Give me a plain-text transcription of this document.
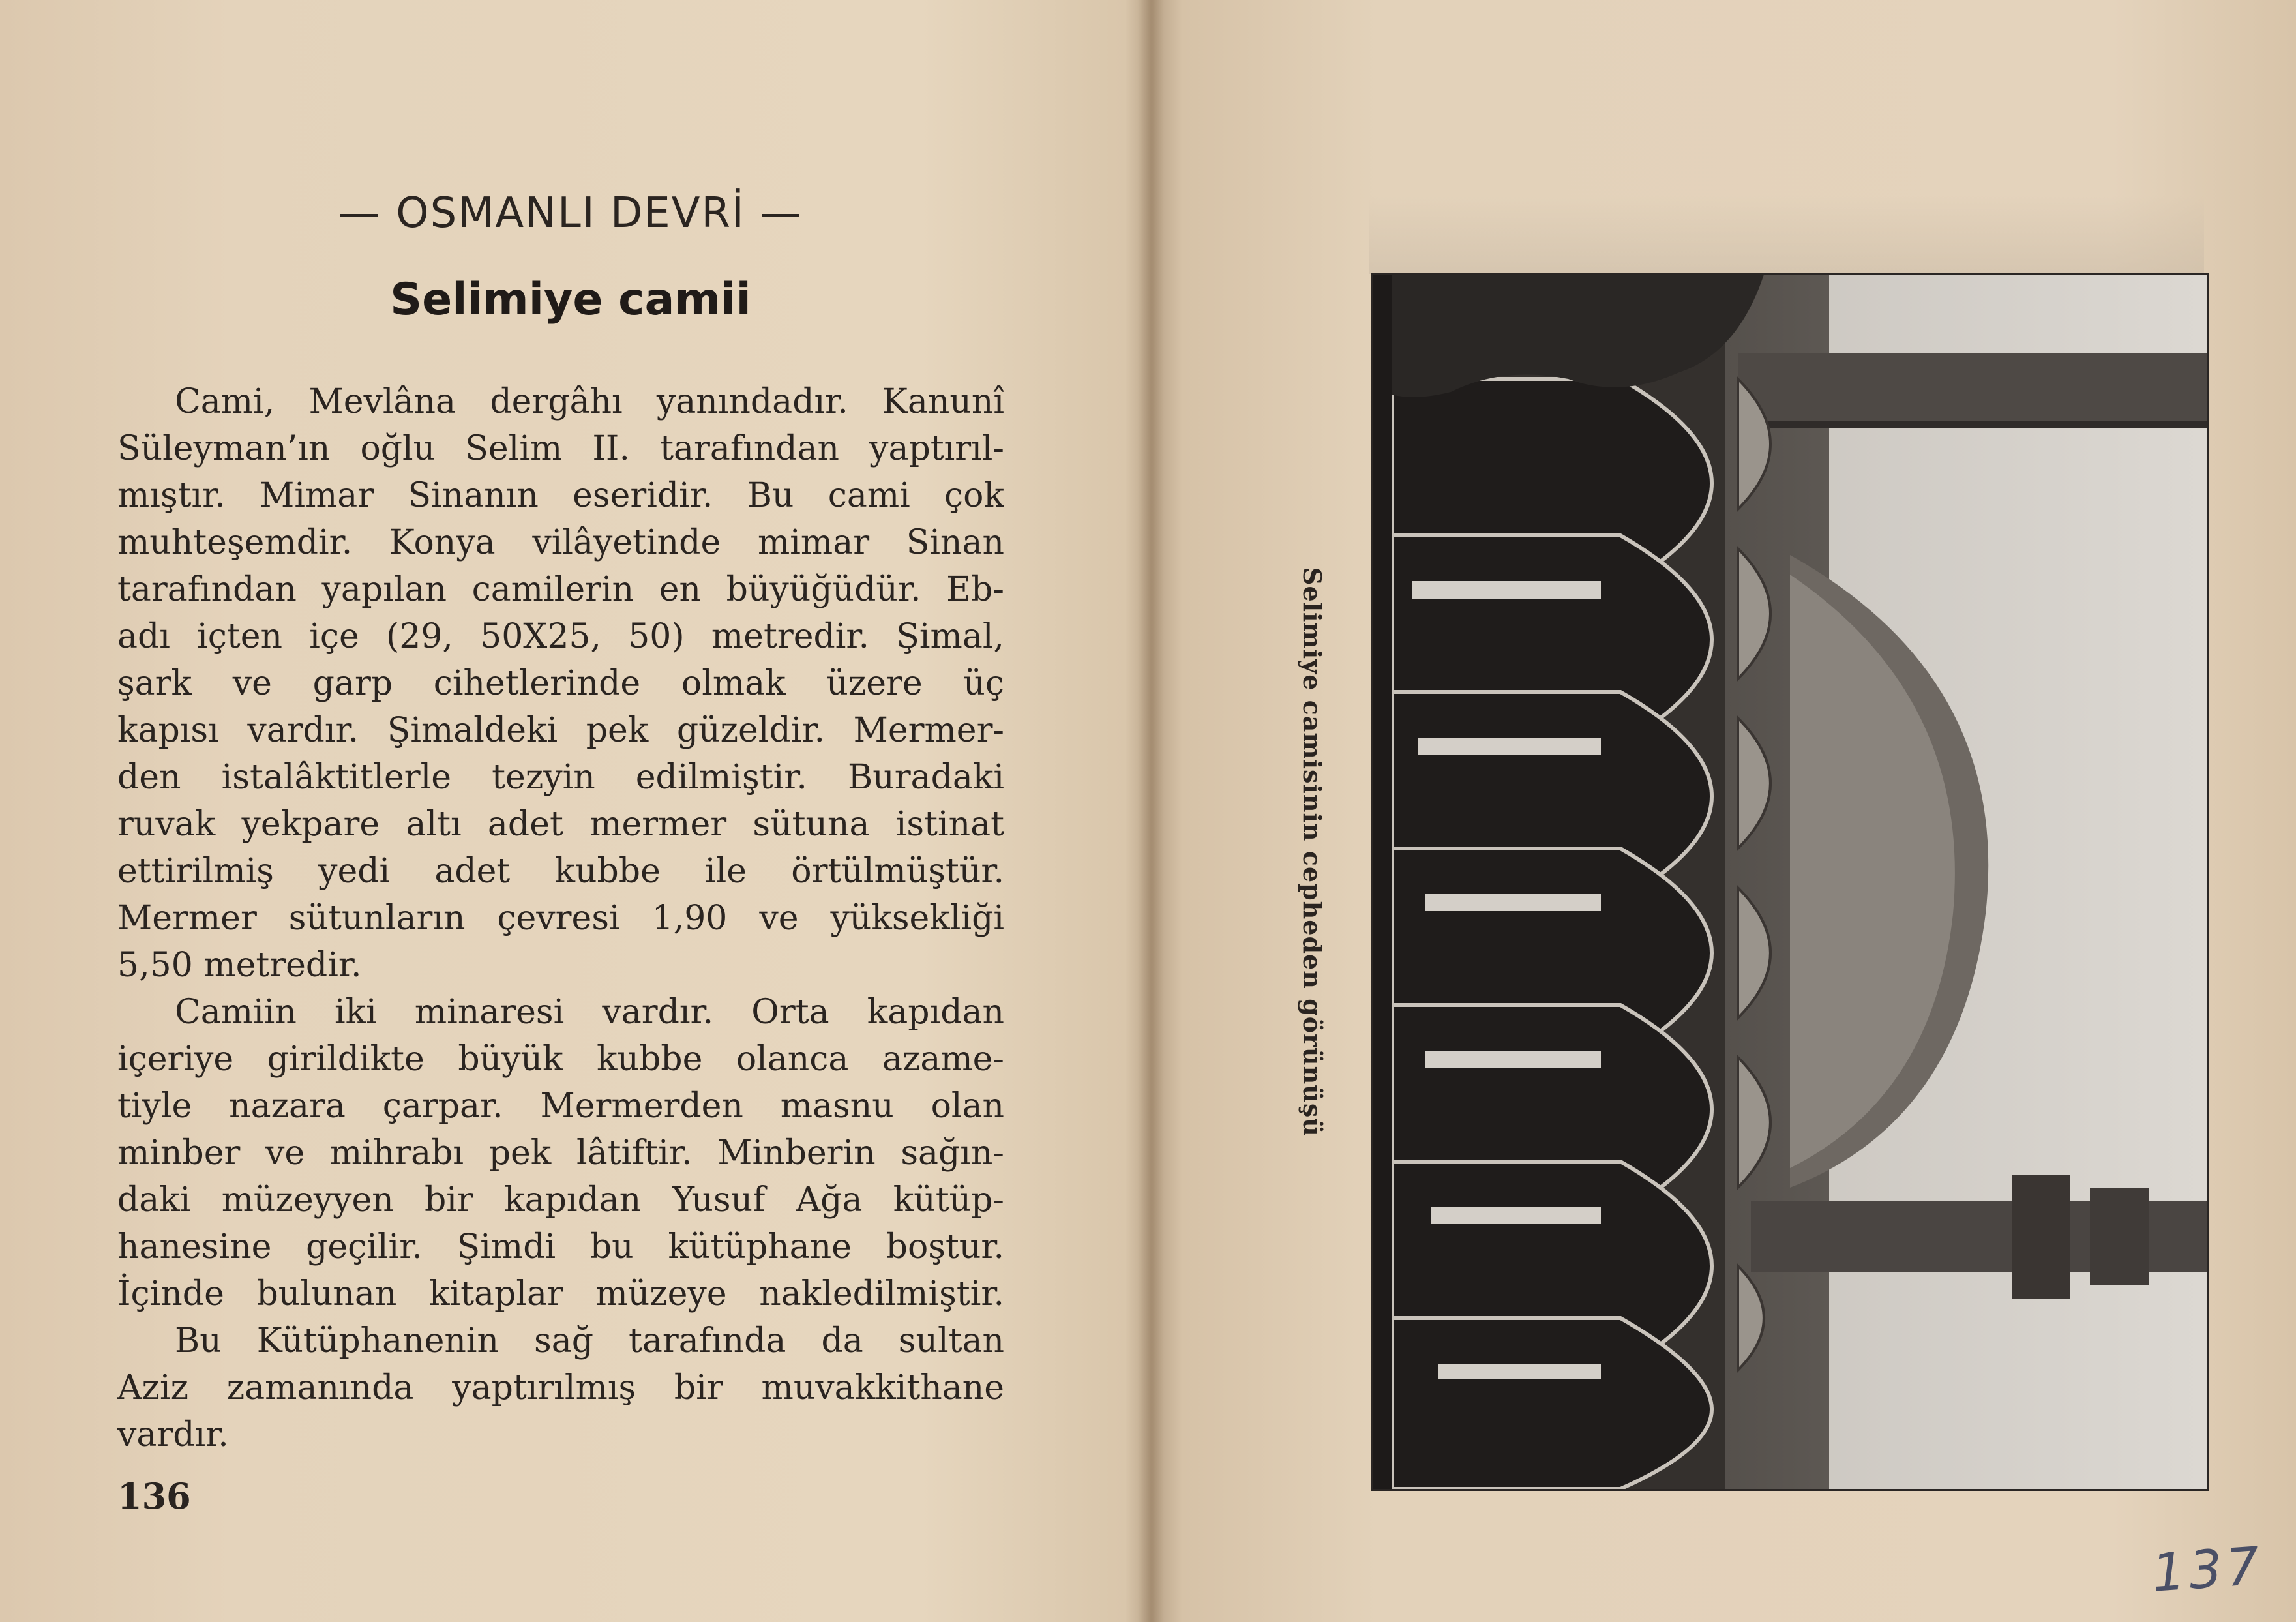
— OSMANLI DEVRİ —
Selimiye camii
Cami, Mevlâna dergâhı yanındadır. Kanunî
Süleyman’ın oğlu Selim II. tarafından yaptırıl-
mıştır. Mimar Sinanın eseridir. Bu cami çok
muhteşemdir. Konya vilâyetinde mimar Sinan
tarafından yapılan camilerin en büyüğüdür. Eb-
adı içten içe (29, 50X25, 50) metredir. Şimal,
şark ve garp cihetlerinde olmak üzere üç
kapısı vardır. Şimaldeki pek güzeldir. Mermer-
den istalâktitlerle tezyin edilmiştir. Buradaki
ruvak yekpare altı adet mermer sütuna istinat
ettirilmiş yedi adet kubbe ile örtülmüştür.
Mermer sütunların çevresi 1,90 ve yüksekliği
5,50 metredir.
Camiin iki minaresi vardır. Orta kapıdan
içeriye girildikte büyük kubbe olanca azame-
tiyle nazara çarpar. Mermerden masnu olan
minber ve mihrabı pek lâtiftir. Minberin sağın-
daki müzeyyen bir kapıdan Yusuf Ağa kütüp-
hanesine geçilir. Şimdi bu kütüphane boştur.
İçinde bulunan kitaplar müzeye nakledilmiştir.
Bu Kütüphanenin sağ tarafında da sultan
Aziz zamanında yaptırılmış bir muvakkithane
vardır.
136
Selimiye camisinin cepheden görünüşü
137
